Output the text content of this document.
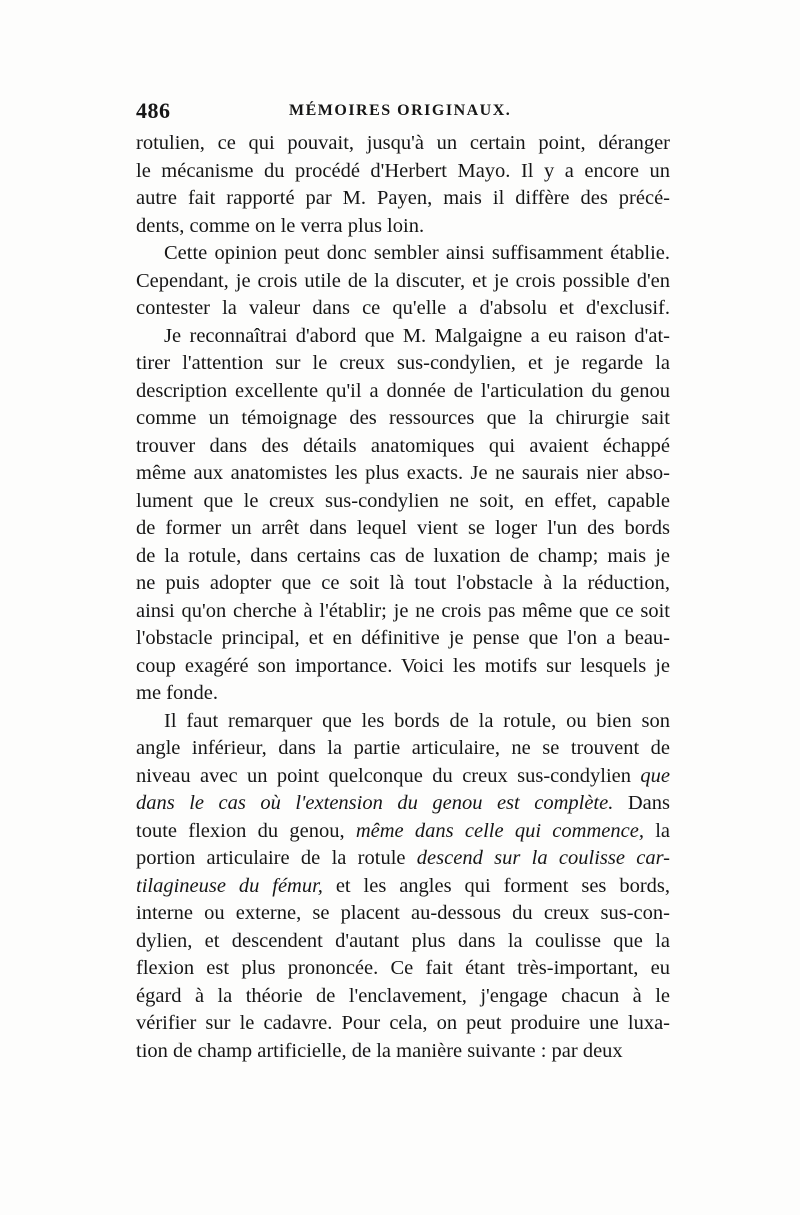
486	MÉMOIRES ORIGINAUX.
rotulien, ce qui pouvait, jusqu'à un certain point, déranger
le mécanisme du procédé d'Herbert Mayo. Il y a encore un
autre fait rapporté par M. Payen, mais il diffère des précé-
dents, comme on le verra plus loin.
Cette opinion peut donc sembler ainsi suffisamment établie.
Cependant, je crois utile de la discuter, et je crois possible d'en
contester la valeur dans ce qu'elle a d'absolu et d'exclusif.
Je reconnaîtrai d'abord que M. Malgaigne a eu raison d'at-
tirer l'attention sur le creux sus-condylien, et je regarde la
description excellente qu'il a donnée de l'articulation du genou
comme un témoignage des ressources que la chirurgie sait
trouver dans des détails anatomiques qui avaient échappé
même aux anatomistes les plus exacts. Je ne saurais nier abso-
lument que le creux sus-condylien ne soit, en effet, capable
de former un arrêt dans lequel vient se loger l'un des bords
de la rotule, dans certains cas de luxation de champ; mais je
ne puis adopter que ce soit là tout l'obstacle à la réduction,
ainsi qu'on cherche à l'établir; je ne crois pas même que ce soit
l'obstacle principal, et en définitive je pense que l'on a beau-
coup exagéré son importance. Voici les motifs sur lesquels je
me fonde.
Il faut remarquer que les bords de la rotule, ou bien son
angle inférieur, dans la partie articulaire, ne se trouvent de
niveau avec un point quelconque du creux sus-condylien que
dans le cas où l'extension du genou est complète. Dans
toute flexion du genou, même dans celle qui commence, la
portion articulaire de la rotule descend sur la coulisse car-
tilagineuse du fémur, et les angles qui forment ses bords,
interne ou externe, se placent au-dessous du creux sus-con-
dylien, et descendent d'autant plus dans la coulisse que la
flexion est plus prononcée. Ce fait étant très-important, eu
égard à la théorie de l'enclavement, j'engage chacun à le
vérifier sur le cadavre. Pour cela, on peut produire une luxa-
tion de champ artificielle, de la manière suivante : par deux
